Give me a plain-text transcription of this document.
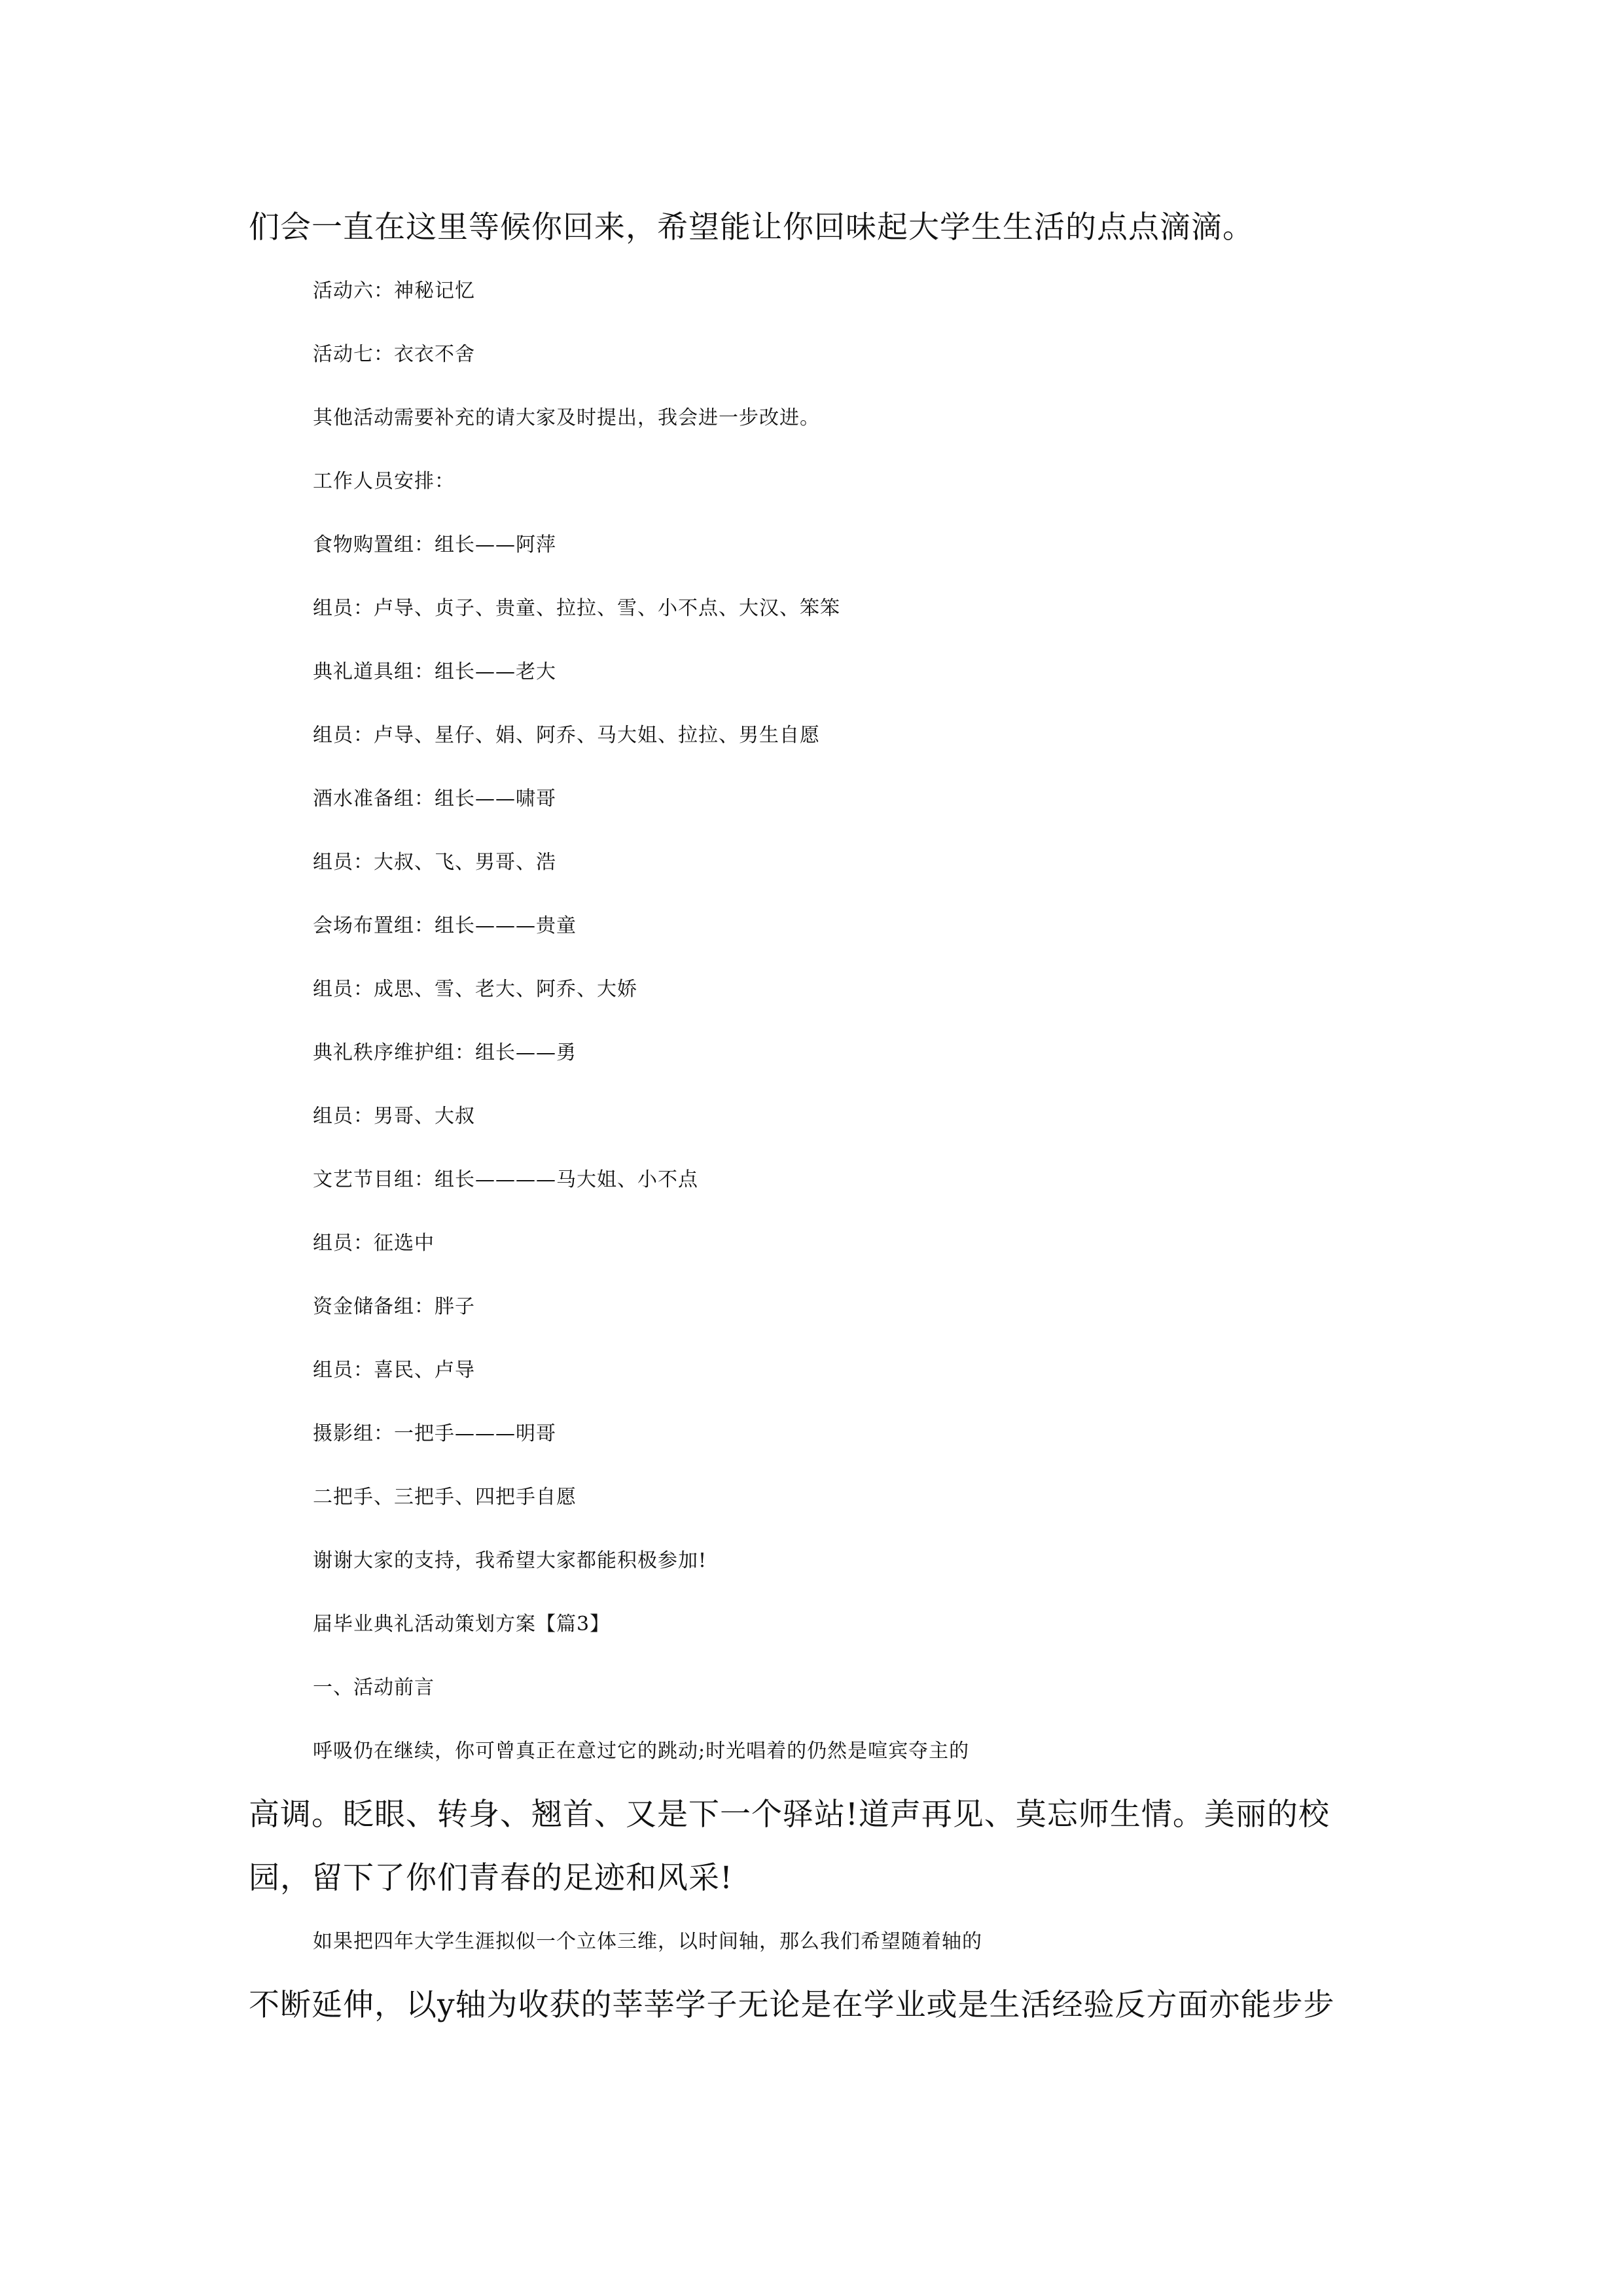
们会一直在这里等候你回来，希望能让你回味起大学生生活的点点滴滴。
活动六：神秘记忆
活动七：衣衣不舍
其他活动需要补充的请大家及时提出，我会进一步改进。
工作人员安排：
食物购置组：组长——阿萍
组员：卢导、贞子、贵童、拉拉、雪、小不点、大汉、笨笨
典礼道具组：组长——老大
组员：卢导、星仔、娟、阿乔、马大姐、拉拉、男生自愿
酒水准备组：组长——啸哥
组员：大叔、飞、男哥、浩
会场布置组：组长———贵童
组员：成思、雪、老大、阿乔、大娇
典礼秩序维护组：组长——勇
组员：男哥、大叔
文艺节目组：组长————马大姐、小不点
组员：征选中
资金储备组：胖子
组员：喜民、卢导
摄影组：一把手———明哥
二把手、三把手、四把手自愿
谢谢大家的支持，我希望大家都能积极参加!
届毕业典礼活动策划方案【篇3】
一、活动前言
呼吸仍在继续，你可曾真正在意过它的跳动;时光唱着的仍然是喧宾夺主的
高调。眨眼、转身、翘首、又是下一个驿站!道声再见、莫忘师生情。美丽的校
园，留下了你们青春的足迹和风采!
如果把四年大学生涯拟似一个立体三维，以时间轴，那么我们希望随着轴的
不断延伸，以y轴为收获的莘莘学子无论是在学业或是生活经验反方面亦能步步
